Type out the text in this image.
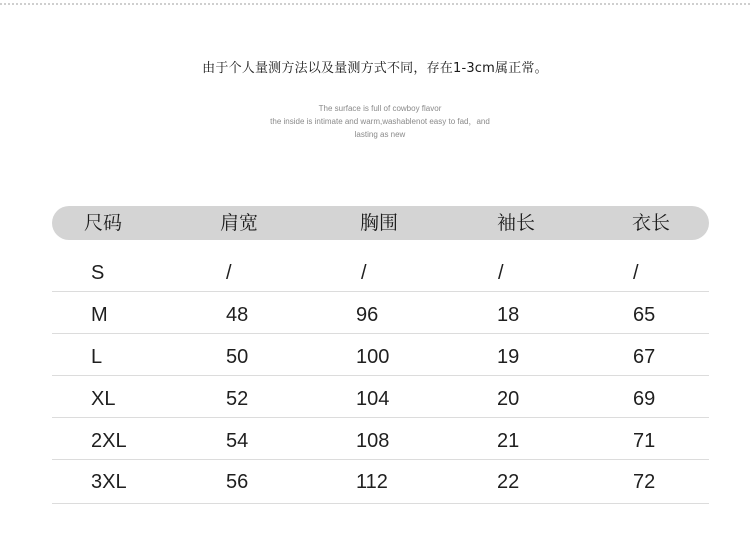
由于个人量测方法以及量测方式不同，存在1-3cm属正常。
The surface is full of cowboy flavor
the inside is intimate and warm,washablenot easy to fad，and
lasting as new
尺码	肩宽	胸围	袖长	衣长
S	/	/	/	/
M	48	96	18	65
L	50	100	19	67
XL	52	104	20	69
2XL	54	108	21	71
3XL	56	112	22	72
